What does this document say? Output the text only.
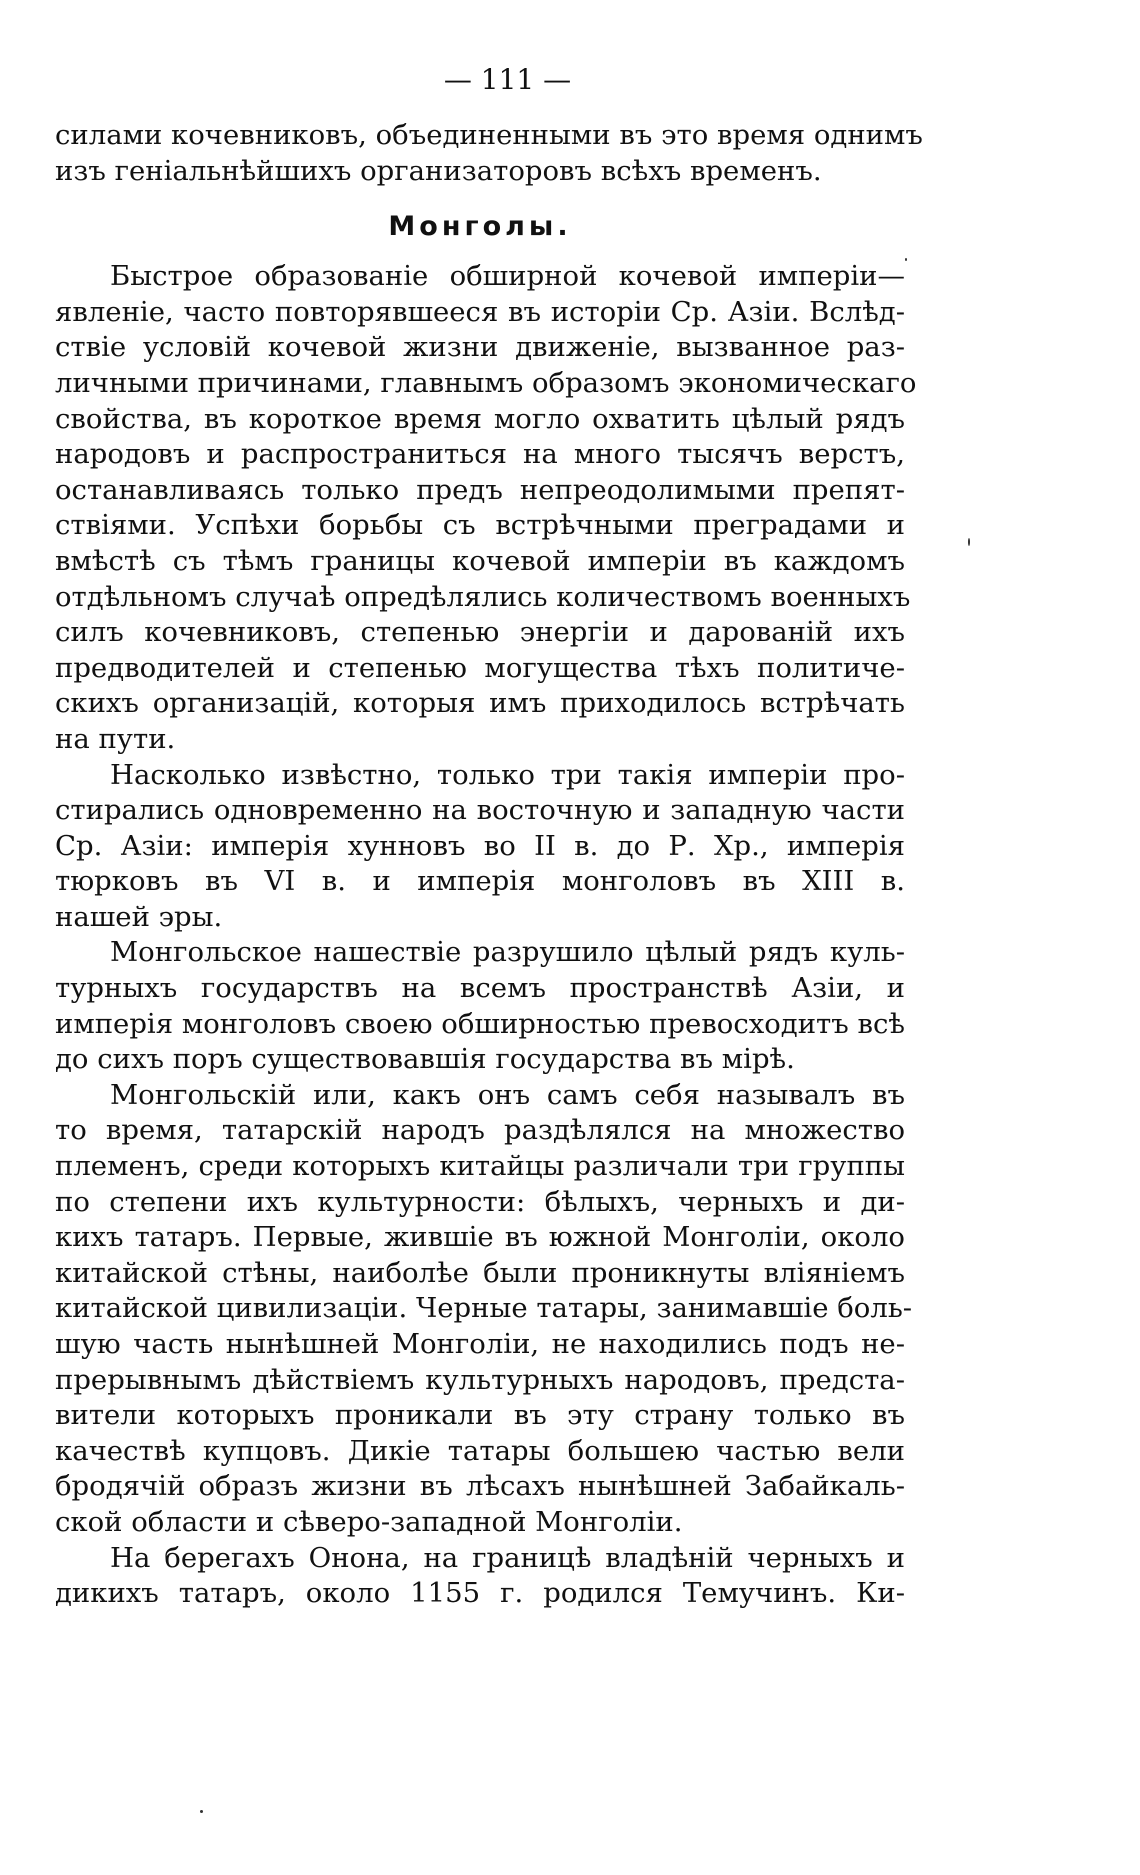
— 111 —
силами кочевниковъ, объединенными въ это время однимъ
изъ геніальнѣйшихъ организаторовъ всѣхъ временъ.
Монголы.
Быстрое образованіе обширной кочевой имперіи—
явленіе, часто повторявшееся въ исторіи Ср. Азіи. Вслѣд-
ствіе условій кочевой жизни движеніе, вызванное раз-
личными причинами, главнымъ образомъ экономическаго
свойства, въ короткое время могло охватить цѣлый рядъ
народовъ и распространиться на много тысячъ верстъ,
останавливаясь только предъ непреодолимыми препят-
ствіями. Успѣхи борьбы съ встрѣчными преградами и
вмѣстѣ съ тѣмъ границы кочевой имперіи въ каждомъ
отдѣльномъ случаѣ опредѣлялись количествомъ военныхъ
силъ кочевниковъ, степенью энергіи и дарованій ихъ
предводителей и степенью могущества тѣхъ политиче-
скихъ организацій, которыя имъ приходилось встрѣчать
на пути.
Насколько извѣстно, только три такія имперіи про-
стирались одновременно на восточную и западную части
Ср. Азіи: имперія хунновъ во II в. до Р. Хр., имперія
тюрковъ въ VI в. и имперія монголовъ въ XIII в.
нашей эры.
Монгольское нашествіе разрушило цѣлый рядъ куль-
турныхъ государствъ на всемъ пространствѣ Азіи, и
имперія монголовъ своею обширностью превосходитъ всѣ
до сихъ поръ существовавшія государства въ мірѣ.
Монгольскій или, какъ онъ самъ себя называлъ въ
то время, татарскій народъ раздѣлялся на множество
племенъ, среди которыхъ китайцы различали три группы
по степени ихъ культурности: бѣлыхъ, черныхъ и ди-
кихъ татаръ. Первые, жившіе въ южной Монголіи, около
китайской стѣны, наиболѣе были проникнуты вліяніемъ
китайской цивилизаціи. Черные татары, занимавшіе боль-
шую часть нынѣшней Монголіи, не находились подъ не-
прерывнымъ дѣйствіемъ культурныхъ народовъ, предста-
вители которыхъ проникали въ эту страну только въ
качествѣ купцовъ. Дикіе татары большею частью вели
бродячій образъ жизни въ лѣсахъ нынѣшней Забайкаль-
ской области и сѣверо-западной Монголіи.
На берегахъ Онона, на границѣ владѣній черныхъ и
дикихъ татаръ, около 1155 г. родился Темучинъ. Ки-
